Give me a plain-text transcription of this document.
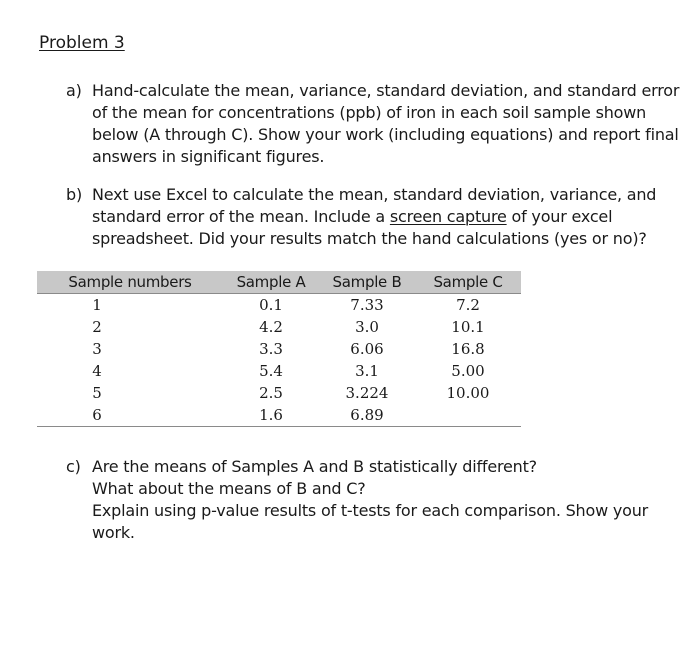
Problem 3
a) Hand-calculate the mean, variance, standard deviation, and standard error of the mean for concentrations (ppb) of iron in each soil sample shown below (A through C). Show your work (including equations) and report final answers in significant figures.
b) Next use Excel to calculate the mean, standard deviation, variance, and standard error of the mean. Include a screen capture of your excel spreadsheet. Did your results match the hand calculations (yes or no)?
Sample numbers	Sample A	Sample B	Sample C
1	0.1	7.33	7.2
2	4.2	3.0	10.1
3	3.3	6.06	16.8
4	5.4	3.1	5.00
5	2.5	3.224	10.00
6	1.6	6.89	
c) Are the means of Samples A and B statistically different?
What about the means of B and C?
Explain using p-value results of t-tests for each comparison. Show your work.
